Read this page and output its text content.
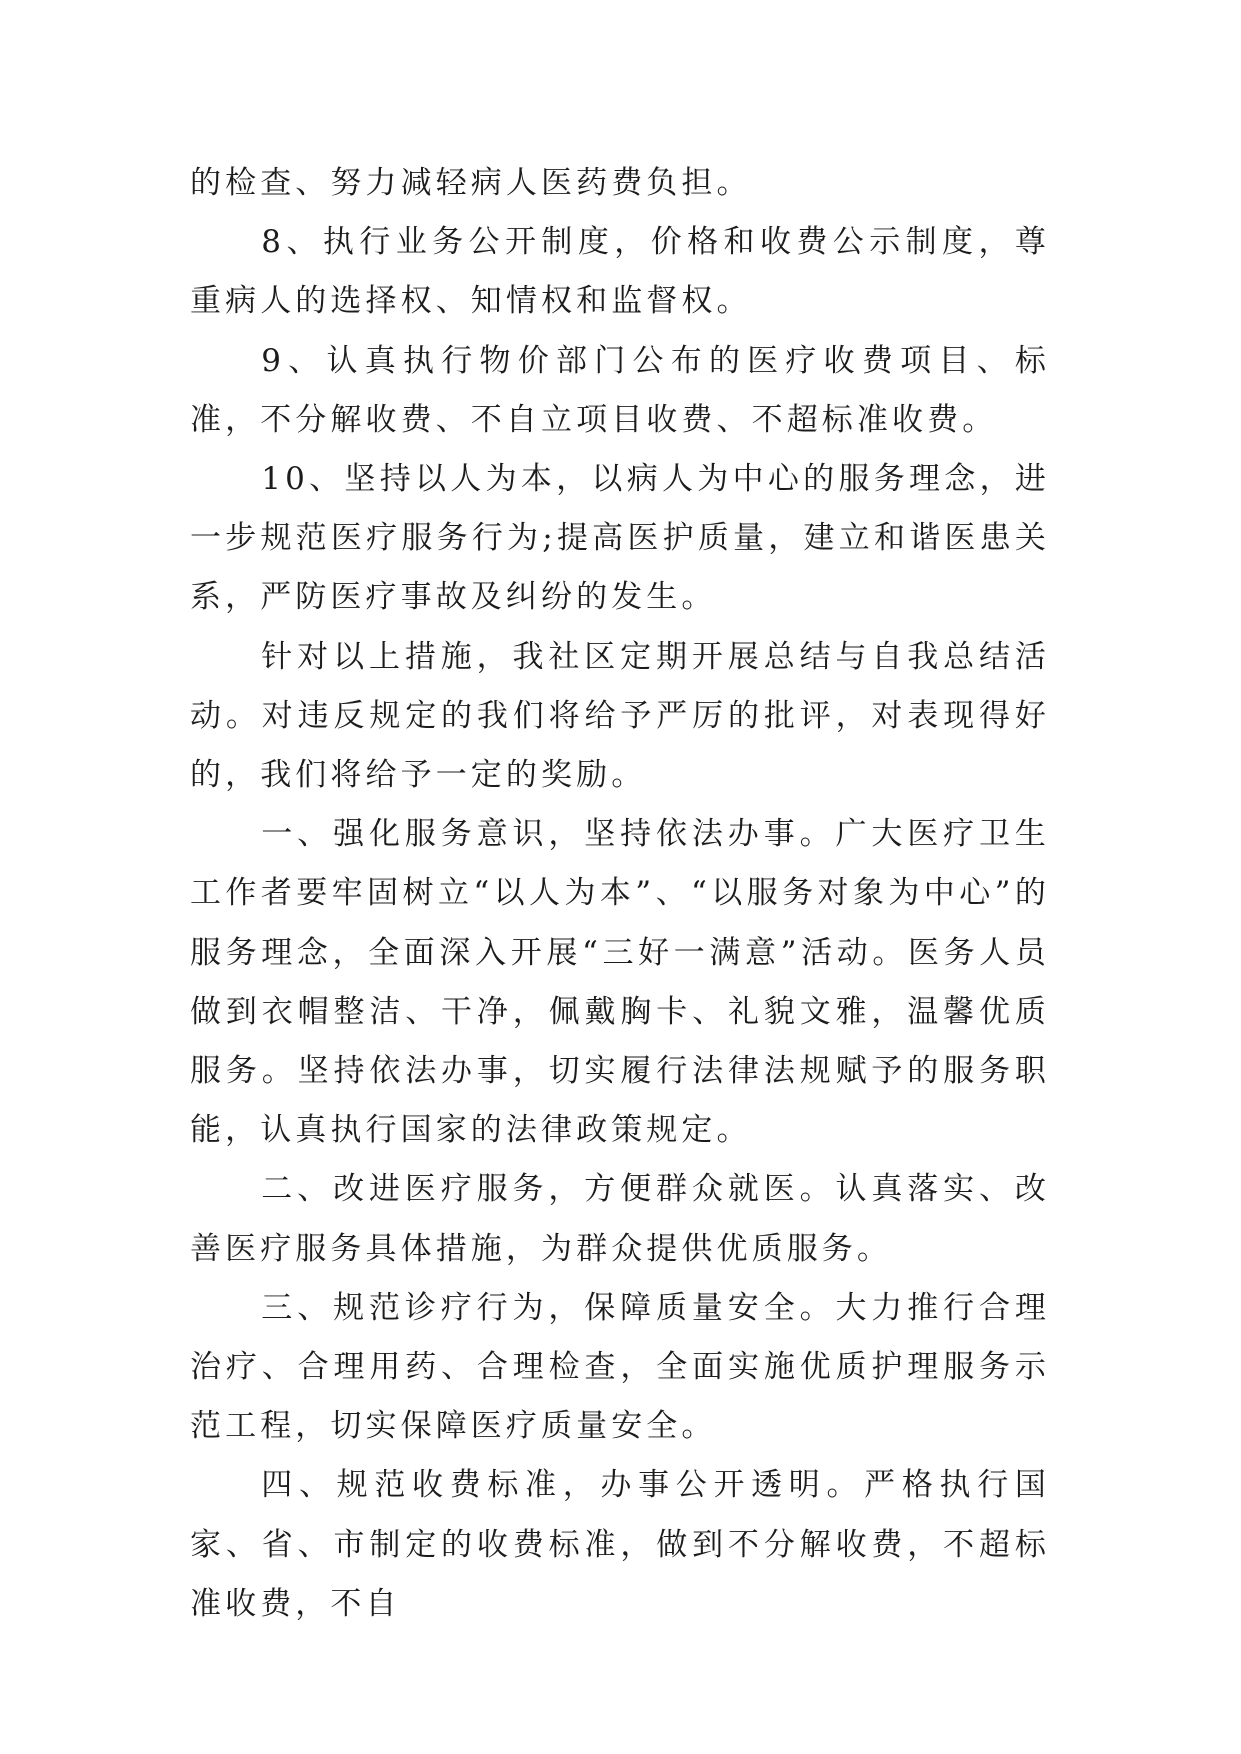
的检查、努力减轻病人医药费负担。

8、执行业务公开制度，价格和收费公示制度，尊重病人的选择权、知情权和监督权。

9、认真执行物价部门公布的医疗收费项目、标准，不分解收费、不自立项目收费、不超标准收费。

10、坚持以人为本，以病人为中心的服务理念，进一步规范医疗服务行为;提高医护质量，建立和谐医患关系，严防医疗事故及纠纷的发生。

针对以上措施，我社区定期开展总结与自我总结活动。对违反规定的我们将给予严厉的批评，对表现得好的，我们将给予一定的奖励。

一、强化服务意识，坚持依法办事。广大医疗卫生工作者要牢固树立“以人为本”、“以服务对象为中心”的服务理念，全面深入开展“三好一满意”活动。医务人员做到衣帽整洁、干净，佩戴胸卡、礼貌文雅，温馨优质服务。坚持依法办事，切实履行法律法规赋予的服务职能，认真执行国家的法律政策规定。

二、改进医疗服务，方便群众就医。认真落实、改善医疗服务具体措施，为群众提供优质服务。

三、规范诊疗行为，保障质量安全。大力推行合理治疗、合理用药、合理检查，全面实施优质护理服务示范工程，切实保障医疗质量安全。

四、规范收费标准，办事公开透明。严格执行国家、省、市制定的收费标准，做到不分解收费，不超标准收费，不自
